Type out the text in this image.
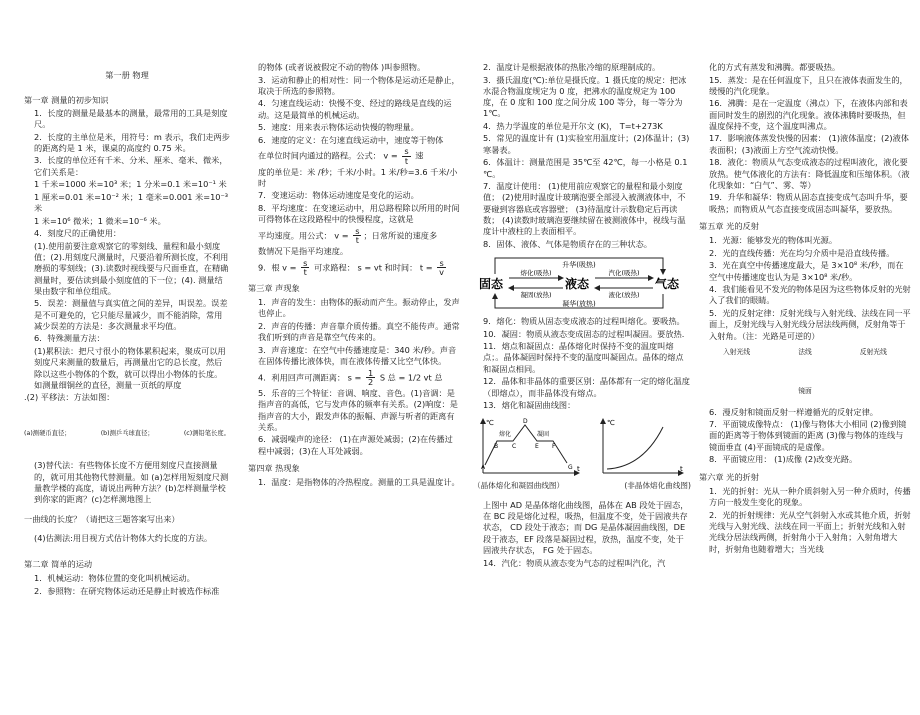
第一册 物理

第一章 测量的初步知识

1．长度的测量是最基本的测量，最常用的工具是刻度尺。

2．长度的主单位是米，用符号：m 表示，我们走两步的距离约是 1 米，课桌的高度约 0.75 米。

3．长度的单位还有千米、分米、厘米、毫米、微米，它们关系是：

1 千米=1000 米=10³ 米；1 分米=0.1 米=10⁻¹ 米

1 厘米=0.01 米=10⁻² 米；1 毫米=0.001 米=10⁻³ 米

1 米=10⁶ 微米；1 微米=10⁻⁶ 米。

4．刻度尺的正确使用：

(1).使用前要注意观察它的零刻线、量程和最小刻度值；(2).用刻度尺测量时，尺要沿着所测长度，不利用磨损的零刻线；(3).读数时视线要与尺面垂直，在精确测量时，要估读到最小刻度值的下一位；(4). 测量结果由数字和单位组成。

5．误差：测量值与真实值之间的差异，叫误差。误差是不可避免的，它只能尽量减少，而不能消除，常用减少误差的方法是：多次测量求平均值。

6．特殊测量方法：

(1)累积法：把尺寸很小的物体累积起来，聚成可以用刻度尺来测量的数量后，再测量出它的总长度，然后除以这些小物体的个数，就可以得出小物体的长度。如测量细铜丝的直径，测量一页纸的厚度

.(2) 平移法：方法如图：

(a)测硬币直径；	(b)测乒乓球直径；	(c)测铅笔长度。

(3)替代法：有些物体长度不方便用刻度尺直接测量的，就可用其他物代替测量。如 (a)怎样用短刻度尺测量教学楼的高度，请说出两种方法？(b)怎样测量学校到你家的距离？(c)怎样测地图上

一曲线的长度？（请把这三题答案写出来）

(4)估测法:用目视方式估计物体大约长度的方法。

第二章 简单的运动

1．机械运动：物体位置的变化叫机械运动。

2．参照物：在研究物体运动还是静止时被选作标准

的物体 (或者说被假定不动的物体 )叫参照物。

3．运动和静止的相对性：同一个物体是运动还是静止，取决于所选的参照物。

4．匀速直线运动：快慢不变、经过的路线是直线的运动。这是最简单的机械运动。

5．速度：用来表示物体运动快慢的物理量。

6．速度的定义：在匀速直线运动中，速度等于物体

在单位时间内通过的路程。公式： $v = \frac{s}{t}$ 速

度的单位是：米 /秒；千米/小时。1 米/秒=3.6 千米/小时

7．变速运动：物体运动速度是变化的运动。

8．平均速度：在变速运动中，用总路程除以所用的时间可得物体在这段路程中的快慢程度，这就是

平均速度。用公式： $v = \frac{s}{t}$ ；日常所说的速度多

数情况下是指平均速度。

9．根 $v = \frac{s}{t}$ 可求路程： s = vt 和时间： $t = \frac{s}{v}$

第三章 声现象

1．声音的发生：由物体的振动而产生。振动停止，发声也停止。

2．声音的传播：声音靠介质传播。真空不能传声。通常我们听到的声音是靠空气传来的。

3．声音速度：在空气中传播速度是：340 米/秒。声音在固体传播比液体快，而在液体传播又比空气体快。

4．利用回声可测距离： $s = \frac{1}{2}$ S 总 = 1/2 vt 总

5．乐音的三个特征：音调、响度、音色。(1)音调：是指声音的高低，它与发声体的频率有关系。(2)响度：是指声音的大小，跟发声体的振幅、声源与听者的距离有关系。

6．减弱噪声的途径： (1)在声源处减弱；(2)在传播过程中减弱；(3)在人耳处减弱。

第四章 热现象

1．温度：是指物体的冷热程度。测量的工具是温度计。

2．温度计是根据液体的热胀冷缩的原理制成的。

3．摄氏温度(℃):单位是摄氏度。1 摄氏度的规定：把冰水混合物温度规定为 0 度，把沸水的温度规定为 100 度，在 0 度和 100 度之间分成 100 等分，每一等分为 1℃。

4．热力学温度的单位是开尔文 (K)， T=t+273K

5．常见的温度计有 (1)实验室用温度计；(2)体温计；(3)寒暑表。

6．体温计：测量范围是 35℃至 42℃，每一小格是 0.1 ℃。

7．温度计使用： (1)使用前应观察它的量程和最小刻度值； (2)使用时温度计玻璃泡要全部浸入被测液体中，不要碰到容器底或容器壁； (3)待温度计示数稳定后再读数； (4)读数时玻璃泡要继续留在被测液体中，视线与温度计中液柱的上表面相平。

8．固体、液体、气体是物质存在的三种状态。

升华(吸热)
凝华(放热)
固态	液态	气态
熔化(吸热)
凝固(放热)
汽化(吸热)
液化(放热)

9．熔化：物质从固态变成液态的过程叫熔化。要吸热。

10．凝固：物质从液态变成固态的过程叫凝固。要放热.

11．熔点和凝固点：晶体熔化时保持不变的温度叫熔点；。晶体凝固时保持不变的温度叫凝固点。晶体的熔点和凝固点相同。

12．晶体和非晶体的重要区别：晶体都有一定的熔化温度（即熔点），而非晶体没有熔点。

13．熔化和凝固曲线图：

℃
t
A
B C
D
E F
G
熔化	凝固
℃
t
（晶体熔化和凝固曲线图）	(非晶体熔化曲线图)

上图中 AD 是晶体熔化曲线图，晶体在 AB 段处于固态，在 BC 段是熔化过程，吸热，但温度不变，处于固液共存状态， CD 段处于液态；而 DG 是晶体凝固曲线图，DE 段于液态，EF 段落是凝固过程，放热，温度不变，处于固液共存状态， FG 处于固态。

14．汽化：物质从液态变为气态的过程叫汽化，汽

化的方式有蒸发和沸腾。都要吸热。

15．蒸发：是在任何温度下，且只在液体表面发生的，缓慢的汽化现象。

16．沸腾：是在一定温度（沸点）下，在液体内部和表面同时发生的剧烈的汽化现象。液体沸腾时要吸热，但温度保持不变，这个温度叫沸点。

17．影响液体蒸发快慢的因素： (1)液体温度；(2)液体表面积；(3)液面上方空气流动快慢。

18．液化：物质从气态变成液态的过程叫液化，液化要放热。使气体液化的方法有：降低温度和压缩体积。（液化现象如：“白气”、雾、等）

19．升华和凝华：物质从固态直接变成气态叫升华，要吸热；而物质从气态直接变成固态叫凝华，要放热。

第五章 光的反射

1．光源：能够发光的物体叫光源。

2．光的直线传播：光在均匀介质中是沿直线传播。

3．光在真空中传播速度最大，是 3×10⁸ 米/秒，而在空气中传播速度也认为是 3×10⁸ 米/秒。

4．我们能看见不发光的物体是因为这些物体反射的光射入了我们的眼睛。

5．光的反射定律：反射光线与入射光线、法线在同一平面上，反射光线与入射光线分居法线两侧，反射角等于入射角。（注：光路是可逆的）

入射光线	法线	反射光线

镜面

6．漫反射和镜面反射一样遵循光的反射定律。

7．平面镜成像特点： (1)像与物体大小相同 (2)像到镜面的距离等于物体到镜面的距离 (3)像与物体的连线与镜面垂直 (4)平面镜成的是虚像。

8．平面镜应用： (1)成像 (2)改变光路。

第六章 光的折射

1．光的折射：光从一种介质斜射入另一种介质时，传播方向一般发生变化的现象。

2．光的折射规律：光从空气斜射入水或其他介质，折射光线与入射光线、法线在同一平面上；折射光线和入射光线分居法线两侧，折射角小于入射角；入射角增大时，折射角也随着增大；当光线
